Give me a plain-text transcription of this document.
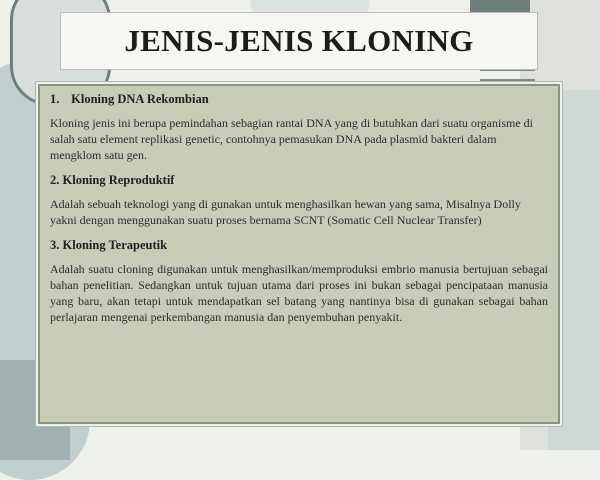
JENIS-JENIS KLONING

1. Kloning DNA Rekombian

Kloning jenis ini berupa pemindahan sebagian rantai DNA yang di butuhkan dari suatu organisme di salah satu element replikasi genetic, contohnya pemasukan DNA pada plasmid bakteri dalam mengklom satu gen.

2. Kloning Reproduktif

Adalah sebuah teknologi yang di gunakan untuk menghasilkan hewan yang sama, Misalnya Dolly yakni dengan menggunakan suatu proses bernama SCNT (Somatic Cell Nuclear Transfer)

3. Kloning Terapeutik

Adalah suatu cloning digunakan untuk menghasilkan/memproduksi embrio manusia bertujuan sebagai bahan penelitian. Sedangkan untuk tujuan utama dari proses ini bukan sebagai pencipataan manusia yang baru, akan tetapi untuk mendapatkan sel batang yang nantinya bisa di gunakan sebagai bahan perlajaran mengenai perkembangan manusia dan penyembuhan penyakit.
